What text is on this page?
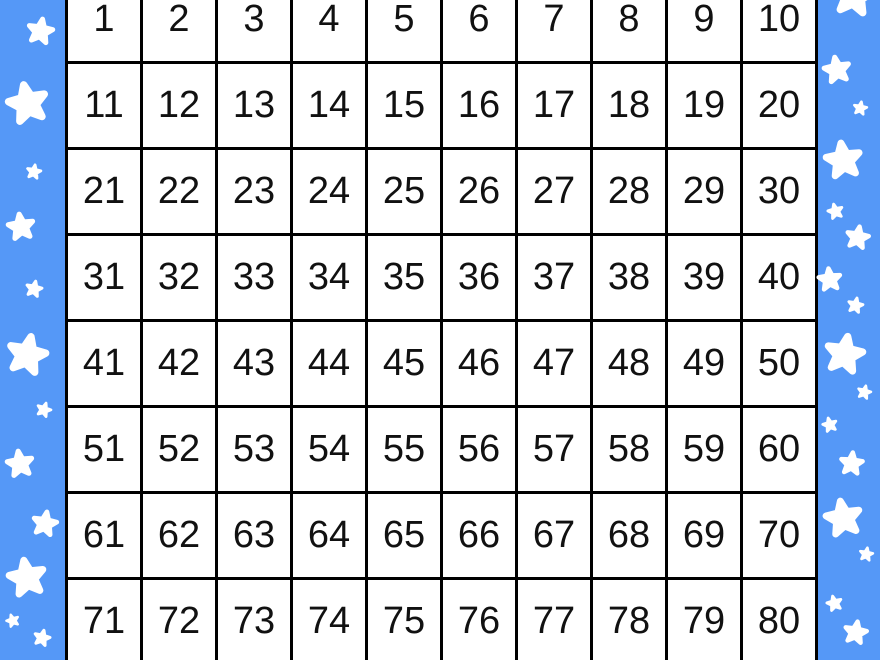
1	2	3	4	5	6	7	8	9	10
11 12 13 14 15 16 17 18 19 20
21 22 23 24 25 26 27 28 29 30
31 32 33 34 35 36 37 38 39 40
41 42 43 44 45 46 47 48 49 50
51 52 53 54 55 56 57 58 59 60
61 62 63 64 65 66 67 68 69 70
71 72 73 74 75 76 77 78 79 80
